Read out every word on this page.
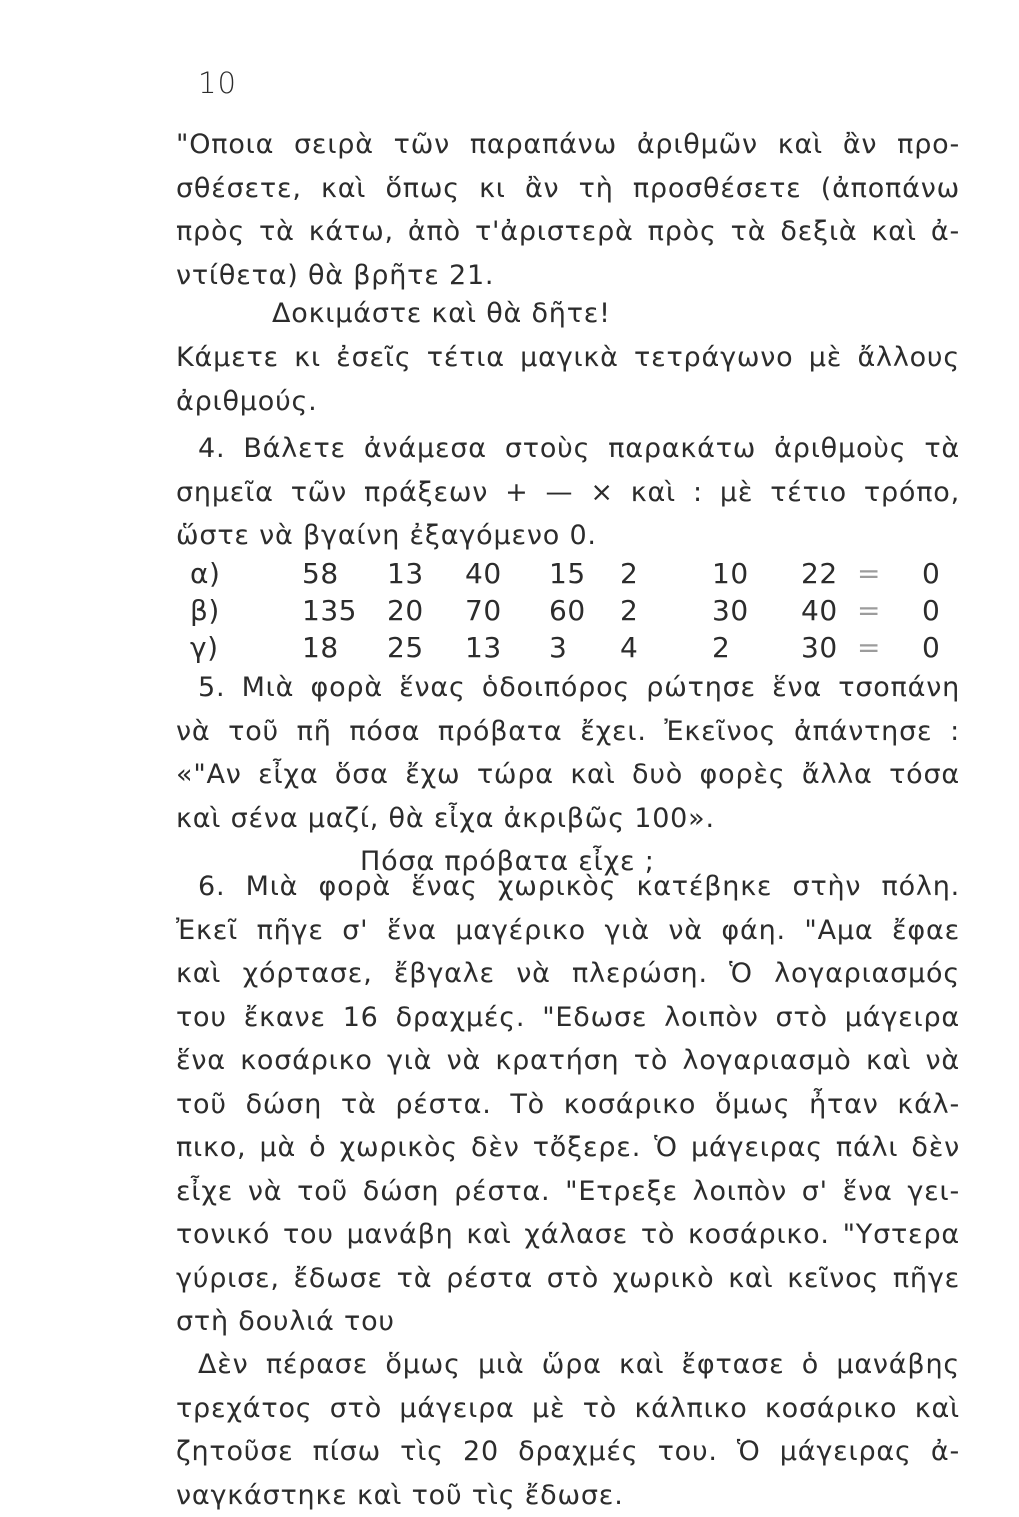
10
"Οποια σειρὰ τῶν παραπάνω ἀριθμῶν καὶ ἂν προ-
σθέσετε, καὶ ὅπως κι ἂν τὴ προσθέσετε (ἀποπάνω
πρὸς τὰ κάτω, ἀπὸ τ'ἀριστερὰ πρὸς τὰ δεξιὰ καὶ ἀ-
ντίθετα) θὰ βρῆτε 21.
Δοκιμάστε καὶ θὰ δῆτε!
Κάμετε κι ἐσεῖς τέτια μαγικὰ τετράγωνο μὲ ἄλλους
ἀριθμούς.
4. Βάλετε ἀνάμεσα στοὺς παρακάτω ἀριθμοὺς τὰ
σημεῖα τῶν πράξεων + — × καὶ : μὲ τέτιο τρόπο,
ὥστε νὰ βγαίνη ἐξαγόμενο 0.
α)	58 13 40 15 2	10 22 = 0
β)	135 20 70 60 2	30 40 = 0
γ)	18 25 13 3 4	2	30 = 0
5. Μιὰ φορὰ ἕνας ὁδοιπόρος ρώτησε ἕνα τσοπάνη
νὰ τοῦ πῆ πόσα πρόβατα ἔχει. Ἐκεῖνος ἀπάντησε :
«"Αν εἶχα ὅσα ἔχω τώρα καὶ δυὸ φορὲς ἄλλα τόσα
καὶ σένα μαζί, θὰ εἶχα ἀκριβῶς 100».
Πόσα πρόβατα εἶχε ;
6. Μιὰ φορὰ ἕνας χωρικὸς κατέβηκε στὴν πόλη.
Ἐκεῖ πῆγε σ' ἕνα μαγέρικο γιὰ νὰ φάη. "Αμα ἔφαε
καὶ χόρτασε, ἔβγαλε νὰ πλερώση. Ὁ λογαριασμός
του ἔκανε 16 δραχμές. "Εδωσε λοιπὸν στὸ μάγειρα
ἕνα κοσάρικο γιὰ νὰ κρατήση τὸ λογαριασμὸ καὶ νὰ
τοῦ δώση τὰ ρέστα. Τὸ κοσάρικο ὅμως ἦταν κάλ-
πικο, μὰ ὁ χωρικὸς δὲν τὄξερε. Ὁ μάγειρας πάλι δὲν
εἶχε νὰ τοῦ δώση ρέστα. "Ετρεξε λοιπὸν σ' ἕνα γει-
τονικό του μανάβη καὶ χάλασε τὸ κοσάρικο. "Υστερα
γύρισε, ἔδωσε τὰ ρέστα στὸ χωρικὸ καὶ κεῖνος πῆγε
στὴ δουλιά του
Δὲν πέρασε ὅμως μιὰ ὥρα καὶ ἔφτασε ὁ μανάβης
τρεχάτος στὸ μάγειρα μὲ τὸ κάλπικο κοσάρικο καὶ
ζητοῦσε πίσω τὶς 20 δραχμές του. Ὁ μάγειρας ἀ-
ναγκάστηκε καὶ τοῦ τὶς ἔδωσε.
